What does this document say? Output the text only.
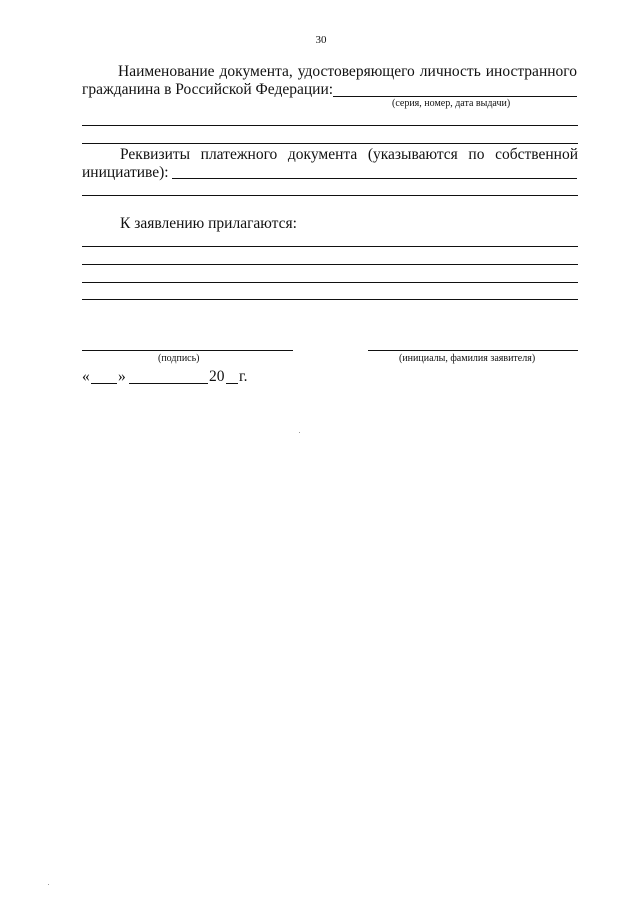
30
Наименование документа, удостоверяющего личность иностранного
гражданина в Российской Федерации:
(серия, номер, дата выдачи)
Реквизиты платежного документа (указываются по собственной
инициативе):
К заявлению прилагаются:
(подпись)	(инициалы, фамилия заявителя)
« »	20 г.
